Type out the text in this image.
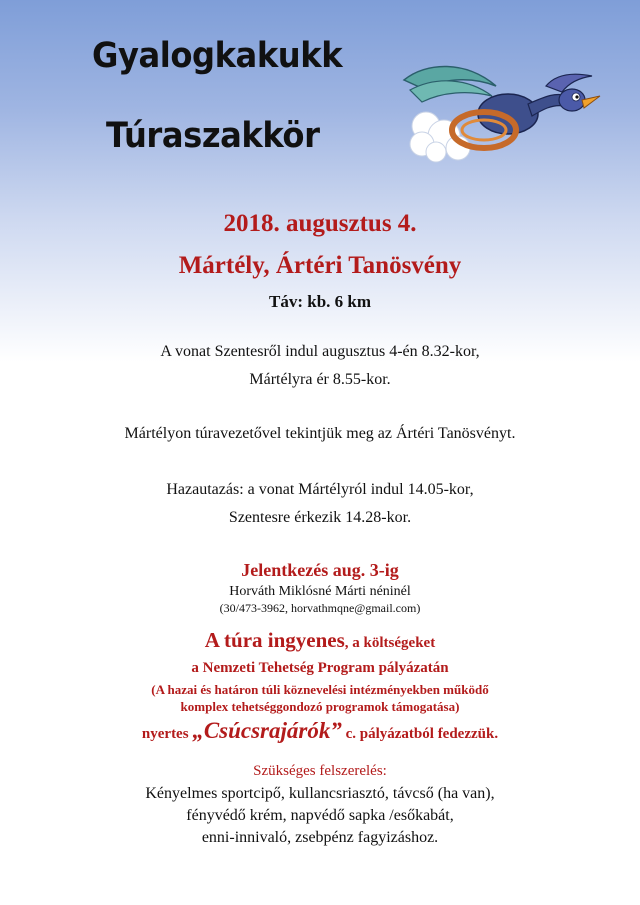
Gyalogkakukk
Túraszakkör
2018. augusztus 4.
Mártély, Ártéri Tanösvény
Táv: kb. 6 km
A vonat Szentesről indul augusztus 4-én 8.32-kor,
Mártélyra ér 8.55-kor.
Mártélyon túravezetővel tekintjük meg az Ártéri Tanösvényt.
Hazautazás: a vonat Mártélyról indul 14.05-kor,
Szentesre érkezik 14.28-kor.
Jelentkezés aug. 3-ig
Horváth Miklósné Márti néninél
(30/473-3962, horvathmqne@gmail.com)
A túra ingyenes, a költségeket
a Nemzeti Tehetség Program pályázatán
(A hazai és határon túli köznevelési intézményekben működő
komplex tehetséggondozó programok támogatása)
nyertes „Csúcsrajárók” c. pályázatból fedezzük.
Szükséges felszerelés:
Kényelmes sportcipő, kullancsriasztó, távcső (ha van),
fényvédő krém, napvédő sapka /esőkabát,
enni-innivaló, zsebpénz fagyizáshoz.
